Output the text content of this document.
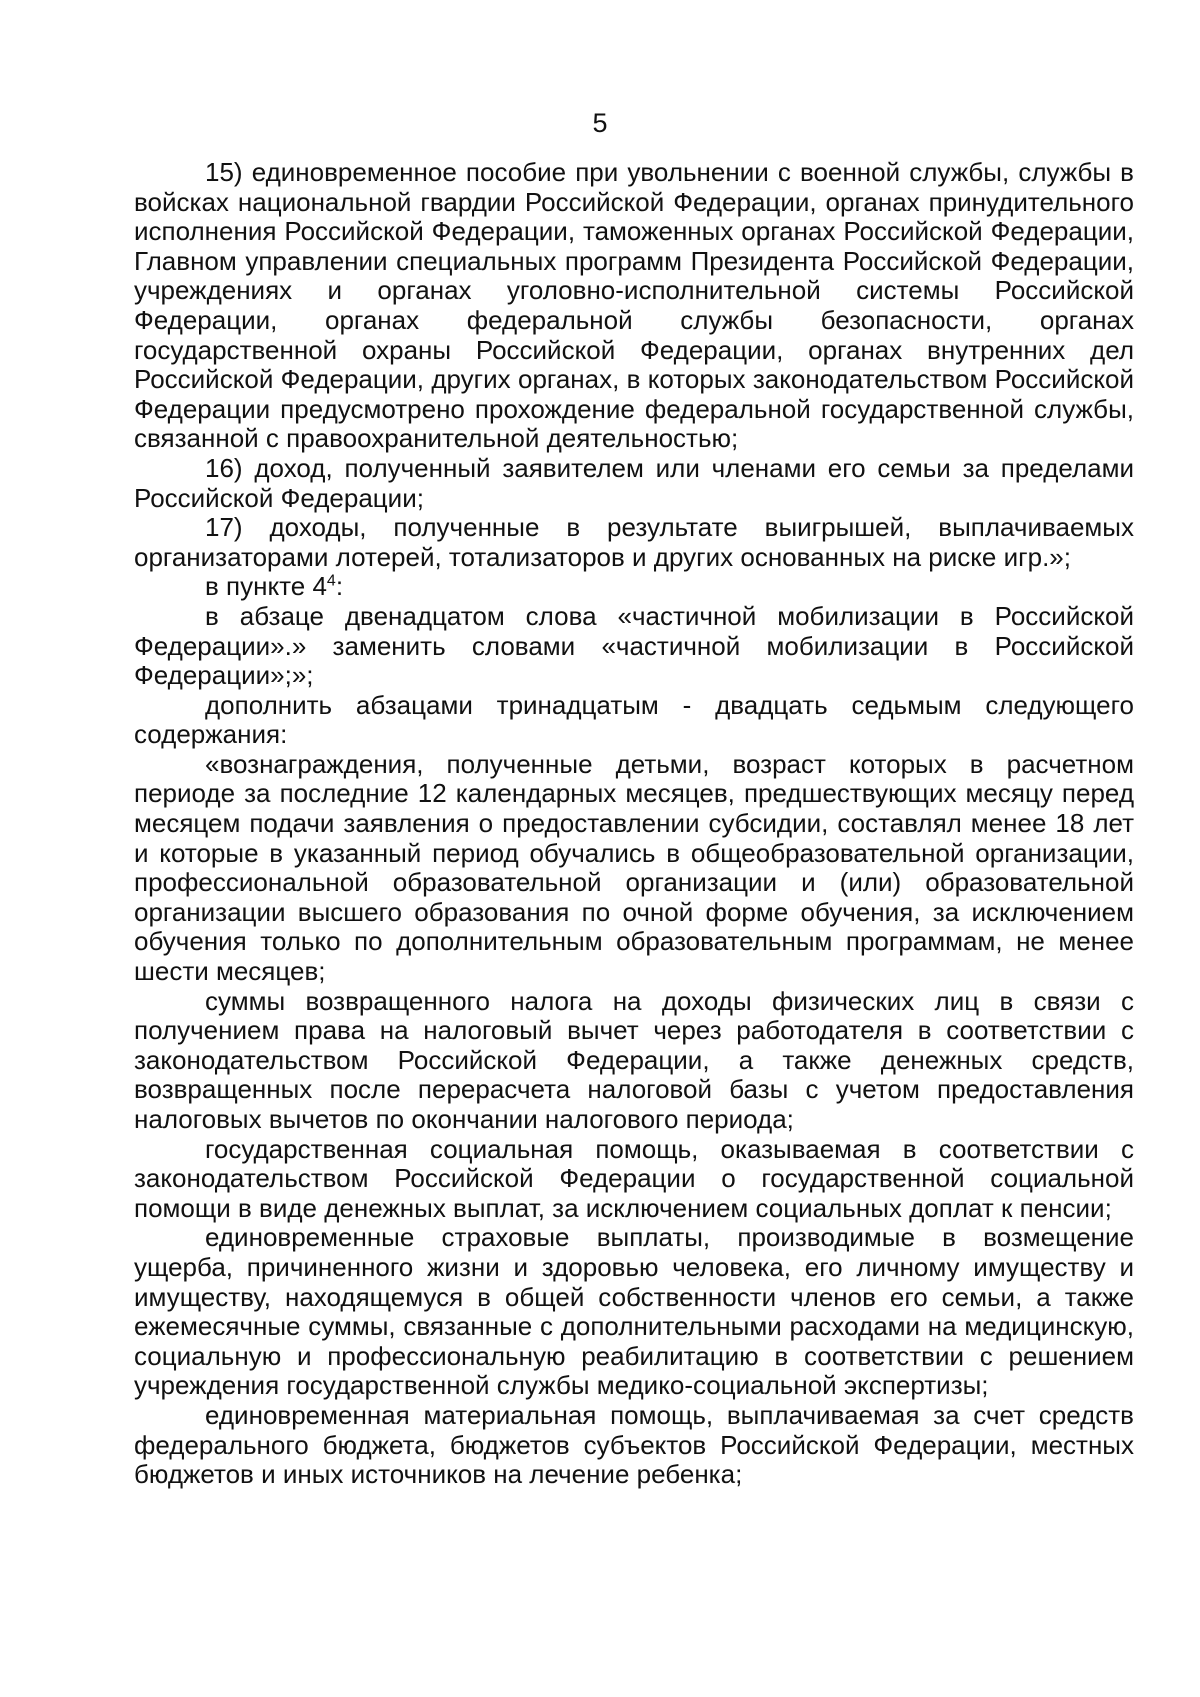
5

15) единовременное пособие при увольнении с военной службы, службы в войсках национальной гвардии Российской Федерации, органах принудительного исполнения Российской Федерации, таможенных органах Российской Федерации, Главном управлении специальных программ Президента Российской Федерации, учреждениях и органах уголовно-исполнительной системы Российской Федерации, органах федеральной службы безопасности, органах государственной охраны Российской Федерации, органах внутренних дел Российской Федерации, других органах, в которых законодательством Российской Федерации предусмотрено прохождение федеральной государственной службы, связанной с правоохранительной деятельностью;

16) доход, полученный заявителем или членами его семьи за пределами Российской Федерации;

17) доходы, полученные в результате выигрышей, выплачиваемых организаторами лотерей, тотализаторов и других основанных на риске игр.»;

в пункте $4^4$:

в абзаце двенадцатом слова «частичной мобилизации в Российской Федерации».» заменить словами «частичной мобилизации в Российской Федерации»;»;

дополнить абзацами тринадцатым - двадцать седьмым следующего содержания:

«вознаграждения, полученные детьми, возраст которых в расчетном периоде за последние 12 календарных месяцев, предшествующих месяцу перед месяцем подачи заявления о предоставлении субсидии, составлял менее 18 лет и которые в указанный период обучались в общеобразовательной организации, профессиональной образовательной организации и (или) образовательной организации высшего образования по очной форме обучения, за исключением обучения только по дополнительным образовательным программам, не менее шести месяцев;

суммы возвращенного налога на доходы физических лиц в связи с получением права на налоговый вычет через работодателя в соответствии с законодательством Российской Федерации, а также денежных средств, возвращенных после перерасчета налоговой базы с учетом предоставления налоговых вычетов по окончании налогового периода;

государственная социальная помощь, оказываемая в соответствии с законодательством Российской Федерации о государственной социальной помощи в виде денежных выплат, за исключением социальных доплат к пенсии;

единовременные страховые выплаты, производимые в возмещение ущерба, причиненного жизни и здоровью человека, его личному имуществу и имуществу, находящемуся в общей собственности членов его семьи, а также ежемесячные суммы, связанные с дополнительными расходами на медицинскую, социальную и профессиональную реабилитацию в соответствии с решением учреждения государственной службы медико-социальной экспертизы;

единовременная материальная помощь, выплачиваемая за счет средств федерального бюджета, бюджетов субъектов Российской Федерации, местных бюджетов и иных источников на лечение ребенка;
